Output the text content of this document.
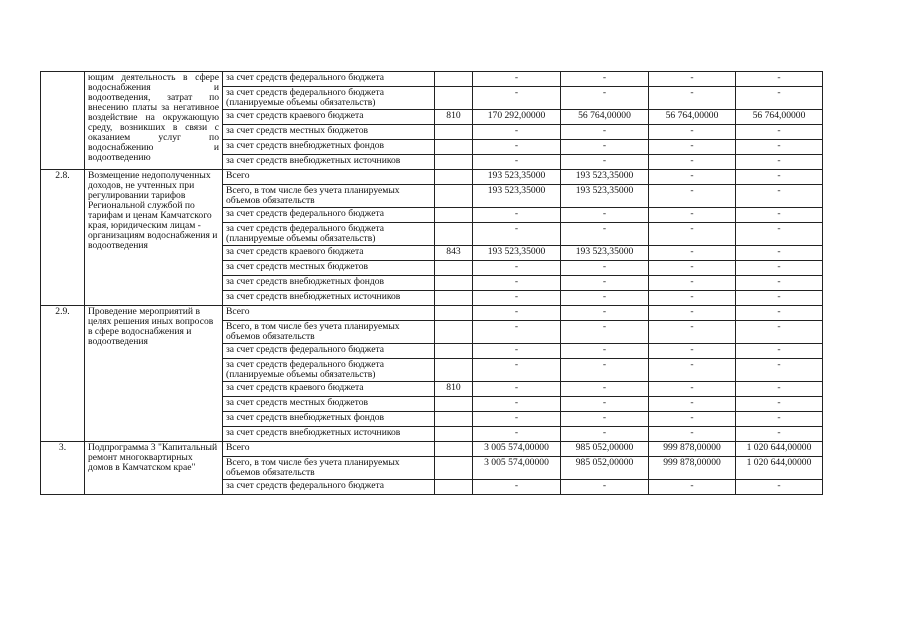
	ющим деятельность в сфере водоснабжения и водоотведения, затрат по внесению платы за негативное воздействие на окружающую среду, возникших в связи с оказанием услуг по водоснабжению и водоотведению	за счет средств федерального бюджета		-	-	-	-
		за счет средств федерального бюджета (планируемые объемы обязательств)		-	-	-	-
		за счет средств краевого бюджета	810	170 292,00000	56 764,00000	56 764,00000	56 764,00000
		за счет средств местных бюджетов		-	-	-	-
		за счет средств внебюджетных фондов		-	-	-	-
		за счет средств внебюджетных источников		-	-	-	-
2.8.	Возмещение недополученных доходов, не учтенных при регулировании тарифов Региональной службой по тарифам и ценам Камчатского края, юридическим лицам - организациям водоснабжения и водоотведения	Всего		193 523,35000	193 523,35000	-	-
		Всего, в том числе без учета планируемых объемов обязательств		193 523,35000	193 523,35000	-	-
		за счет средств федерального бюджета		-	-	-	-
		за счет средств федерального бюджета (планируемые объемы обязательств)		-	-	-	-
		за счет средств краевого бюджета	843	193 523,35000	193 523,35000	-	-
		за счет средств местных бюджетов		-	-	-	-
		за счет средств внебюджетных фондов		-	-	-	-
		за счет средств внебюджетных источников		-	-	-	-
2.9.	Проведение мероприятий в целях решения иных вопросов в сфере водоснабжения и водоотведения	Всего		-	-	-	-
		Всего, в том числе без учета планируемых объемов обязательств		-	-	-	-
		за счет средств федерального бюджета		-	-	-	-
		за счет средств федерального бюджета (планируемые объемы обязательств)		-	-	-	-
		за счет средств краевого бюджета	810	-	-	-	-
		за счет средств местных бюджетов		-	-	-	-
		за счет средств внебюджетных фондов		-	-	-	-
		за счет средств внебюджетных источников		-	-	-	-
3.	Подпрограмма 3 "Капитальный ремонт многоквартирных домов в Камчатском крае"	Всего		3 005 574,00000	985 052,00000	999 878,00000	1 020 644,00000
		Всего, в том числе без учета планируемых объемов обязательств		3 005 574,00000	985 052,00000	999 878,00000	1 020 644,00000
		за счет средств федерального бюджета		-	-	-	-
